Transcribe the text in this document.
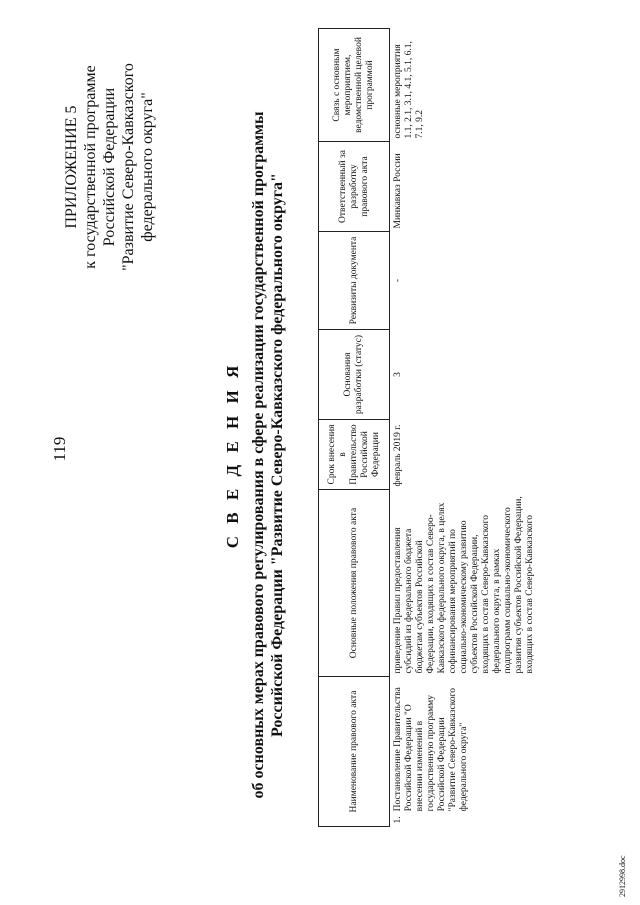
119
ПРИЛОЖЕНИЕ 5 к государственной программе Российской Федерации "Развитие Северо-Кавказского федерального округа"
С В Е Д Е Н И Я об основных мерах правового регулирования в сфере реализации государственной программы Российской Федерации "Развитие Северо-Кавказского федерального округа"
Наименование правового акта	Основные положения правового акта	Срок внесения в Правительство Российской Федерации	Основания разработки (статус)	Реквизиты документа	Ответственный за разработку правового акта	Связь с основным мероприятием, ведомственной целевой программой

1.
Постановление Правительства Российской Федерации "О внесении изменений в государственную программу Российской Федерации "Развитие Северо-Кавказского федерального округа"	приведение Правил предоставления субсидий из федерального бюджета бюджетам субъектов Российской Федерации, входящих в состав Северо-Кавказского федерального округа, в целях софинансирования мероприятий по социально-экономическому развитию субъектов Российской Федерации, входящих в состав Северо-Кавказского федерального округа, в рамках подпрограмм социально-экономического развития субъектов Российской Федерации, входящих в состав Северо-Кавказского	февраль 2019 г.	3	-	Минкавказ России	основные мероприятия 1.1, 2.1, 3.1, 4.1, 5.1, 6.1, 7.1, 9.2
2912998.doc
